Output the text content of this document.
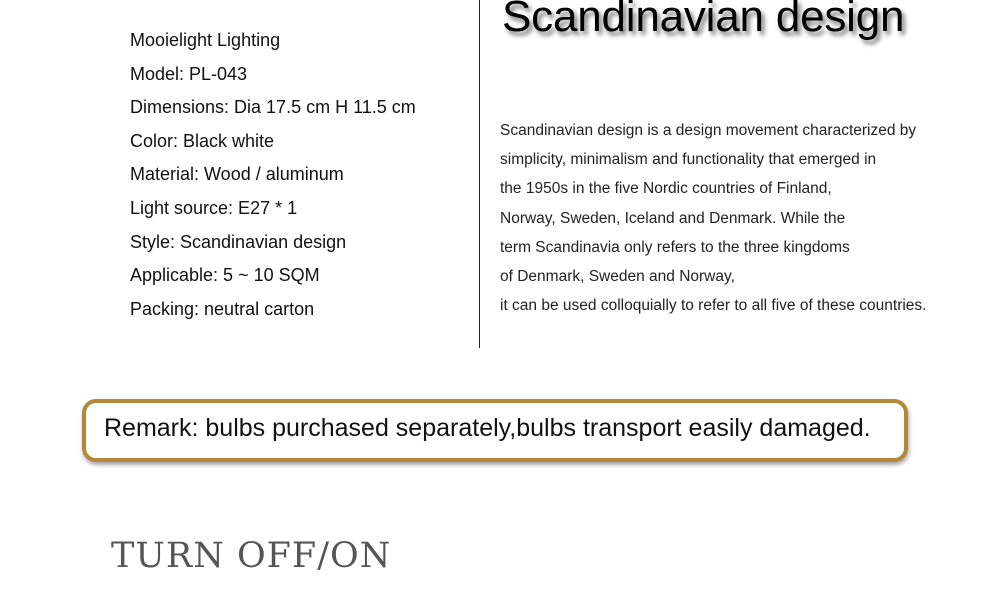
Mooielight Lighting
Model: PL-043
Dimensions: Dia 17.5 cm H 11.5 cm
Color: Black white
Material: Wood / aluminum
Light source: E27 * 1
Style: Scandinavian design
Applicable: 5 ~ 10 SQM
Packing: neutral carton
Scandinavian design
Scandinavian design is a design movement characterized by
simplicity, minimalism and functionality that emerged in
the 1950s in the five Nordic countries of Finland,
Norway, Sweden, Iceland and Denmark. While the
term Scandinavia only refers to the three kingdoms
of Denmark, Sweden and Norway,
it can be used colloquially to refer to all five of these countries.
Remark: bulbs purchased separately,bulbs transport easily damaged.
TURN OFF/ON
